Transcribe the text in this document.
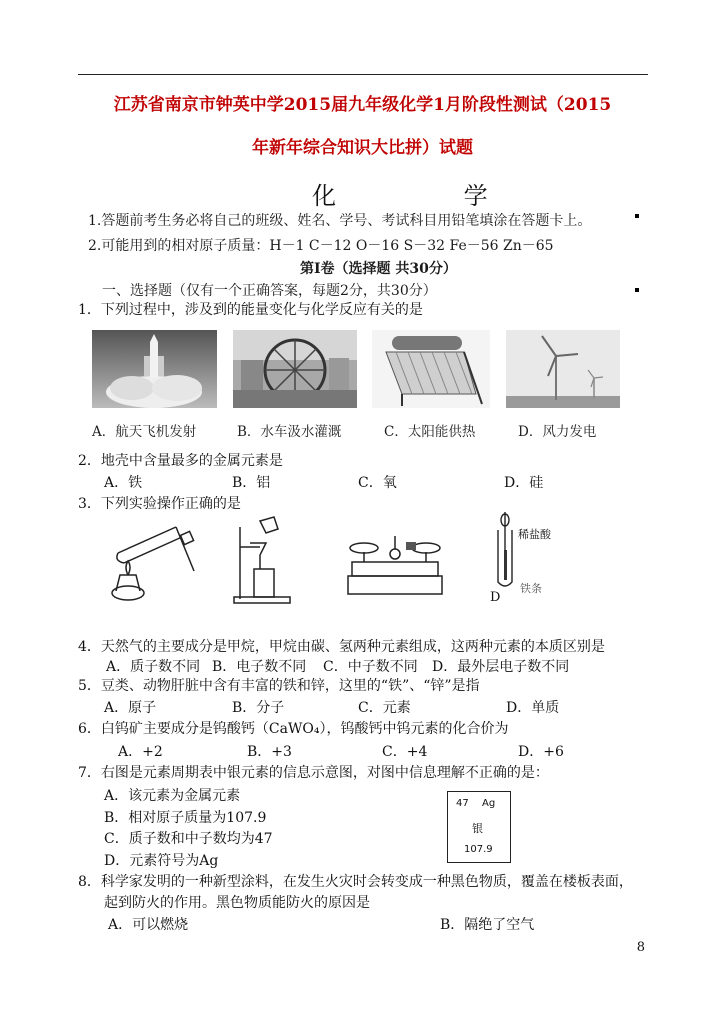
江苏省南京市钟英中学2015届九年级化学1月阶段性测试（2015
年新年综合知识大比拼）试题
化 学
1.答题前考生务必将自己的班级、姓名、学号、考试科目用铅笔填涂在答题卡上。
2.可能用到的相对原子质量：H－1 C－12 O－16 S－32 Fe－56 Zn－65
第Ⅰ卷（选择题 共30分）
一、选择题（仅有一个正确答案，每题2分，共30分）
1．下列过程中，涉及到的能量变化与化学反应有关的是
A．航天飞机发射	B．水车汲水灌溉	C．太阳能供热	D．风力发电
2．地壳中含量最多的金属元素是
A．铁	B．铝	C．氧	D．硅
3．下列实验操作正确的是
稀盐酸
铁条
D
4．天然气的主要成分是甲烷，甲烷由碳、氢两种元素组成，这两种元素的本质区别是
A．质子数不同 B．电子数不同 C．中子数不同 D．最外层电子数不同
5．豆类、动物肝脏中含有丰富的铁和锌，这里的“铁”、“锌”是指
A．原子	B．分子	C．元素	D．单质
6．白钨矿主要成分是钨酸钙（CaWO₄），钨酸钙中钨元素的化合价为
A．+2	B．+3	C．+4	D．+6
7．右图是元素周期表中银元素的信息示意图，对图中信息理解不正确的是：
A．该元素为金属元素
B．相对原子质量为107.9
C．质子数和中子数均为47
D．元素符号为Ag
47 Ag
银
107.9
8．科学家发明的一种新型涂料，在发生火灾时会转变成一种黑色物质，覆盖在楼板表面，
起到防火的作用。黑色物质能防火的原因是
A．可以燃烧	B．隔绝了空气
8
